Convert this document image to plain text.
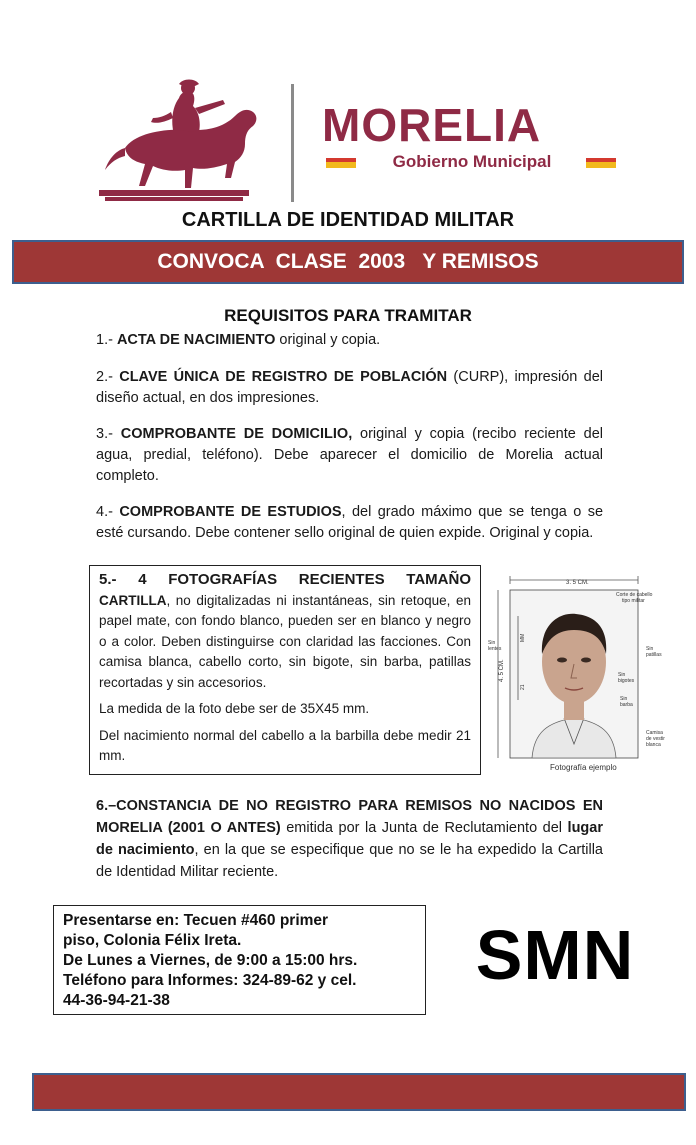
MORELIA
Gobierno Municipal
CARTILLA DE IDENTIDAD MILITAR
CONVOCA  CLASE  2003   Y REMISOS
REQUISITOS PARA TRAMITAR
1.- ACTA DE NACIMIENTO original y copia.
2.- CLAVE ÚNICA DE REGISTRO DE POBLACIÓN (CURP), impresión del diseño actual, en dos impresiones.
3.- COMPROBANTE DE DOMICILIO, original y copia (recibo reciente del agua, predial, teléfono). Debe aparecer el domicilio de Morelia actual completo.
4.- COMPROBANTE DE ESTUDIOS, del grado máximo que se tenga o se esté cursando. Debe contener sello original de quien expide. Original y copia.
5.- 4 FOTOGRAFÍAS RECIENTES TAMAÑO
CARTILLA, no digitalizadas ni instantáneas, sin retoque, en papel mate, con fondo blanco, pueden ser en blanco y negro o a color. Deben distinguirse con claridad las facciones. Con camisa blanca, cabello corto, sin bigote, sin barba, patillas recortadas y sin accesorios.
La medida de la foto debe ser de 35X45 mm.
Del nacimiento normal del cabello a la barbilla debe medir 21 mm.
3. 5 CM.
4. 5 CM.
MM
21
Corte de cabello
tipo militar
Sin
lentes	Sin
patillas
Sin
bigotes
Sin
barba
Camisa
de vestir
blanca
Fotografía ejemplo
6.–CONSTANCIA DE NO REGISTRO PARA REMISOS NO NACIDOS EN MORELIA (2001 O ANTES) emitida por la Junta de Reclutamiento del lugar de nacimiento, en la que se especifique que no se le ha expedido la Cartilla de Identidad Militar reciente.
Presentarse en: Tecuen #460 primer
piso, Colonia Félix Ireta.
De Lunes a Viernes, de 9:00 a 15:00 hrs.
Teléfono para Informes: 324-89-62 y cel.
44-36-94-21-38
SMN
